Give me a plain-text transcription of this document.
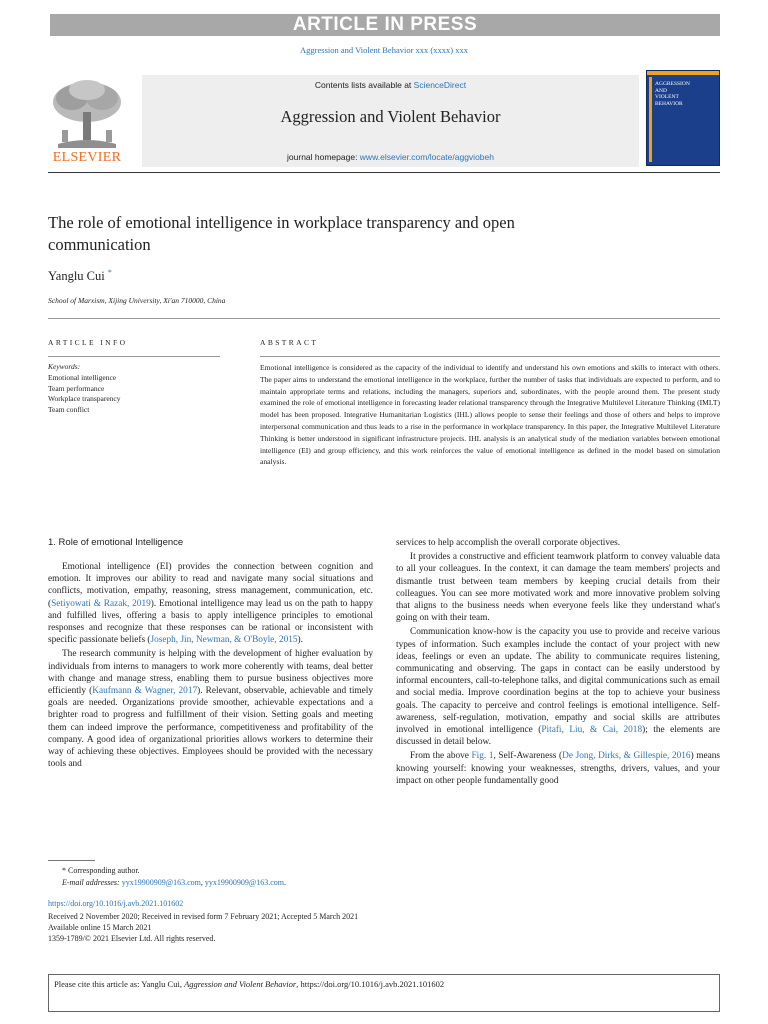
ARTICLE IN PRESS
Aggression and Violent Behavior xxx (xxxx) xxx
ELSEVIER
Contents lists available at ScienceDirect
Aggression and Violent Behavior
journal homepage: www.elsevier.com/locate/aggviobeh
AGGRESSION
AND
VIOLENT
BEHAVIOR
The role of emotional intelligence in workplace transparency and open communication
Yanglu Cui *
School of Marxism, Xijing University, Xi'an 710000, China
ARTICLE INFO
Keywords:
Emotional intelligence
Team performance
Workplace transparency
Team conflict
ABSTRACT
Emotional intelligence is considered as the capacity of the individual to identify and understand his own emotions and skills to interact with others. The paper aims to understand the emotional intelligence in the workplace, further the number of tasks that individuals are expected to perform, and to maintain appropriate terms and relations, including the managers, superiors and, subordinates, with the people around them. The present study examined the role of emotional intelligence in forecasting leader relational transparency through the Integrative Multilevel Literature Thinking (IMLT) model has been proposed. Integrative Humanitarian Logistics (IHL) allows people to sense their feelings and those of others and helps to improve interpersonal communication and thus leads to a rise in the performance in workplace transparency. In this paper, the Integrative Multilevel Literature Thinking is better understood in significant infrastructure projects. IHL analysis is an analytical study of the mediation variables between emotional intelligence (EI) and group efficiency, and this work reinforces the value of emotional intelligence as defined in the model based on simulation analysis.
1. Role of emotional Intelligence

Emotional intelligence (EI) provides the connection between cognition and emotion. It improves our ability to read and navigate many social situations and conflicts, motivation, empathy, reasoning, stress management, communication, etc. (Setiyowati & Razak, 2019). Emotional intelligence may lead us on the path to happy and fulfilled lives, offering a basis to apply intelligence principles to emotional responses and recognize that these responses can be rational or inconsistent with specific passionate beliefs (Joseph, Jin, Newman, & O'Boyle, 2015).

The research community is helping with the development of higher evaluation by individuals from interns to managers to work more coherently with teams, deal better with change and manage stress, enabling them to pursue business objectives more efficiently (Kaufmann & Wagner, 2017). Relevant, observable, achievable and timely goals are needed. Organizations provide smoother, achievable expectations and a brighter road to progress and fulfillment of their vision. Setting goals and meeting them can indeed improve the performance, competitiveness and profitability of the company. A good idea of organizational priorities allows workers to determine their way of achieving these objectives. Employees should be provided with the necessary tools and

services to help accomplish the overall corporate objectives.

It provides a constructive and efficient teamwork platform to convey valuable data to all your colleagues. In the context, it can damage the team members' projects and dismantle trust between team members by keeping crucial details from their colleagues. You can see more motivated work and more innovative problem solving that aligns to the business needs when everyone feels like they understand what's going on with their team.

Communication know-how is the capacity you use to provide and receive various types of information. Such examples include the contact of your project with new ideas, feelings or even an update. The ability to communicate requires listening, communicating and observing. The gaps in contact can be easily understood by informal encounters, call-to-telephone talks, and digital communications such as email and social media. Improve coordination begins at the top to achieve your business goals. The capacity to perceive and control feelings is emotional intelligence. Self-awareness, self-regulation, motivation, empathy and social skills are attributes involved in emotional intelligence (Pitafi, Liu, & Cai, 2018); the elements are discussed in detail below.

From the above Fig. 1, Self-Awareness (De Jong, Dirks, & Gillespie, 2016) means knowing yourself: knowing your weaknesses, strengths, drivers, values, and your impact on other people fundamentally good

* Corresponding author.
E-mail addresses: yyx19900909@163.com, yyx19900909@163.com.
https://doi.org/10.1016/j.avb.2021.101602
Received 2 November 2020; Received in revised form 7 February 2021; Accepted 5 March 2021
Available online 15 March 2021
1359-1789/© 2021 Elsevier Ltd. All rights reserved.
Please cite this article as: Yanglu Cui, Aggression and Violent Behavior, https://doi.org/10.1016/j.avb.2021.101602
